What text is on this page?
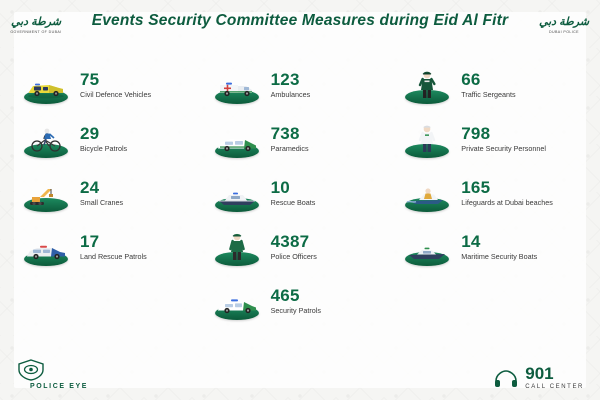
شرطة دبي
GOVERNMENT OF DUBAI
Events Security Committee Measures during Eid Al Fitr	شرطة دبي
DUBAI POLICE
75
Civil Defence Vehicles
29
Bicycle Patrols
24
Small Cranes
17
Land Rescue Patrols
123
Ambulances
738
Paramedics
10
Rescue Boats
4387
Police Officers
465
Security Patrols
66
Traffic Sergeants
798
Private Security Personnel
165
Lifeguards at Dubai beaches
14
Maritime Security Boats
POLICE EYE
901
CALL CENTER
